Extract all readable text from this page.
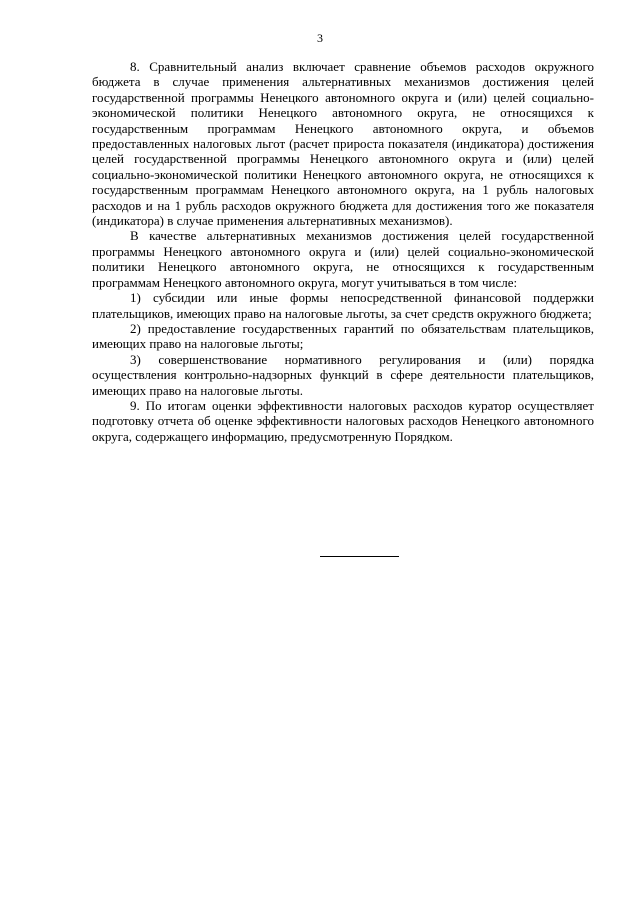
3

8. Сравнительный анализ включает сравнение объемов расходов окружного бюджета в случае применения альтернативных механизмов достижения целей государственной программы Ненецкого автономного округа и (или) целей социально-экономической политики Ненецкого автономного округа, не относящихся к государственным программам Ненецкого автономного округа, и объемов предоставленных налоговых льгот (расчет прироста показателя (индикатора) достижения целей государственной программы Ненецкого автономного округа и (или) целей социально-экономической политики Ненецкого автономного округа, не относящихся к государственным программам Ненецкого автономного округа, на 1 рубль налоговых расходов и на 1 рубль расходов окружного бюджета для достижения того же показателя (индикатора) в случае применения альтернативных механизмов).

В качестве альтернативных механизмов достижения целей государственной программы Ненецкого автономного округа и (или) целей социально-экономической политики Ненецкого автономного округа, не относящихся к государственным программам Ненецкого автономного округа, могут учитываться в том числе:

1) субсидии или иные формы непосредственной финансовой поддержки плательщиков, имеющих право на налоговые льготы, за счет средств окружного бюджета;

2) предоставление государственных гарантий по обязательствам плательщиков, имеющих право на налоговые льготы;

3) совершенствование нормативного регулирования и (или) порядка осуществления контрольно-надзорных функций в сфере деятельности плательщиков, имеющих право на налоговые льготы.

9. По итогам оценки эффективности налоговых расходов куратор осуществляет подготовку отчета об оценке эффективности налоговых расходов Ненецкого автономного округа, содержащего информацию, предусмотренную Порядком.
